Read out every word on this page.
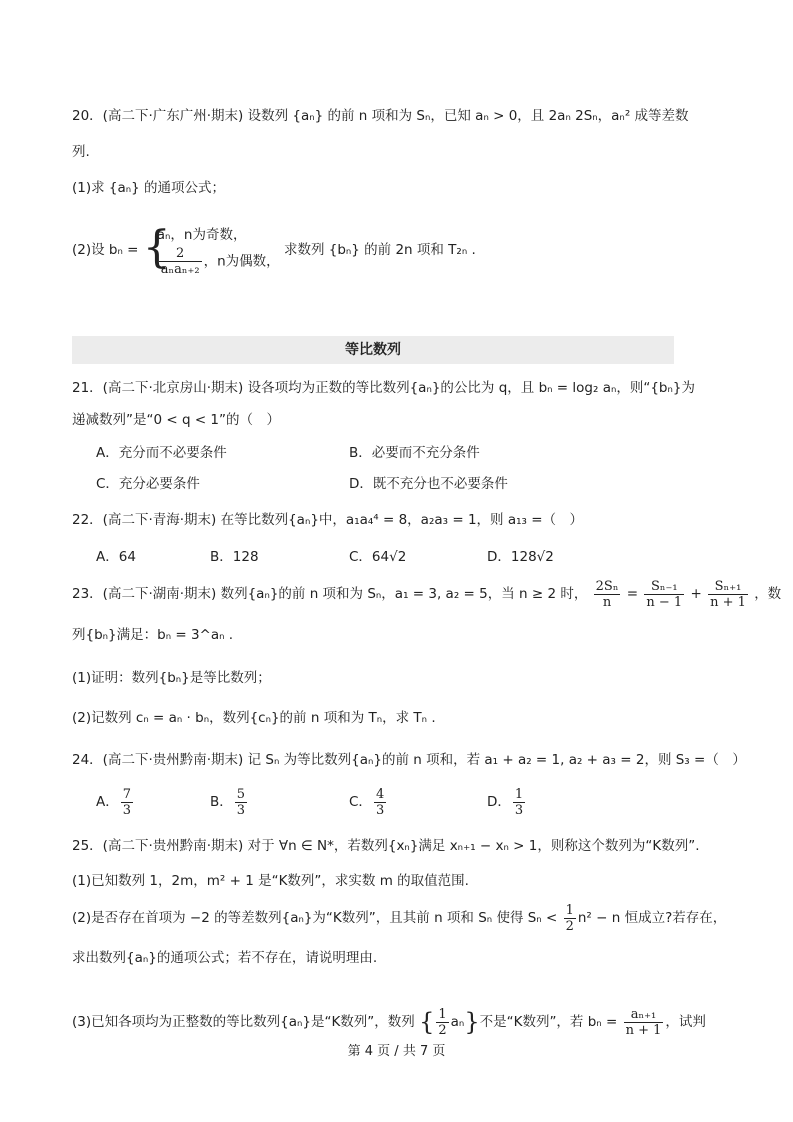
20．(高二下·广东广州·期末) 设数列 {aₙ} 的前 n 项和为 Sₙ，已知 aₙ > 0，且 2aₙ 2Sₙ，aₙ² 成等差数
列.
(1)求 {aₙ} 的通项公式；
(2)设 bₙ = {
aₙ，n为奇数，
$\frac{2}{\text{aₙaₙ₊₂}}$ ，n为偶数，
求数列 {bₙ} 的前 2n 项和 T₂ₙ .
等比数列
21．(高二下·北京房山·期末) 设各项均为正数的等比数列{aₙ}的公比为 q，且 bₙ = log₂ aₙ，则“{bₙ}为
递减数列”是“0 < q < 1”的（　）
A．充分而不必要条件	B．必要而不充分条件
C．充分必要条件	D．既不充分也不必要条件
22．(高二下·青海·期末) 在等比数列{aₙ}中，a₁a₄⁴ = 8，a₂a₃ = 1，则 a₁₃ =（　）
A．64	B．128	C．64√2	D．128√2
23．(高二下·湖南·期末) 数列{aₙ}的前 n 项和为 Sₙ，a₁ = 3, a₂ = 5，当 n ≥ 2 时， $\frac{\text{2Sₙ}}{n} = \frac{\text{Sₙ₋₁}}{n - 1} + \frac{\text{Sₙ₊₁}}{n + 1}$ ，数
列{bₙ}满足：bₙ = 3^aₙ .
(1)证明：数列{bₙ}是等比数列；
(2)记数列 cₙ = aₙ · bₙ，数列{cₙ}的前 n 项和为 Tₙ，求 Tₙ .
24．(高二下·贵州黔南·期末) 记 Sₙ 为等比数列{aₙ}的前 n 项和，若 a₁ + a₂ = 1, a₂ + a₃ = 2，则 S₃ =（　）
A． $\frac{7}{3}$	B． $\frac{5}{3}$	C． $\frac{4}{3}$	D． $\frac{1}{3}$
25．(高二下·贵州黔南·期末) 对于 ∀n ∈ N*，若数列{xₙ}满足 xₙ₊₁ − xₙ > 1，则称这个数列为“K数列”.
(1)已知数列 1，2m，m² + 1 是“K数列”，求实数 m 的取值范围.
(2)是否存在首项为 −2 的等差数列{aₙ}为“K数列”，且其前 n 项和 Sₙ 使得 $S_n < \frac{1}{2} n^2 - n$ 恒成立?若存在，
求出数列{aₙ}的通项公式；若不存在，请说明理由.
(3)已知各项均为正整数的等比数列{aₙ}是“K数列”，数列 { $\frac{1}{2} a_n$}不是“K数列”，若 $b_n = \frac{\text{aₙ₊₁}}{n + 1}$ ，试判
第 4 页 / 共 7 页
